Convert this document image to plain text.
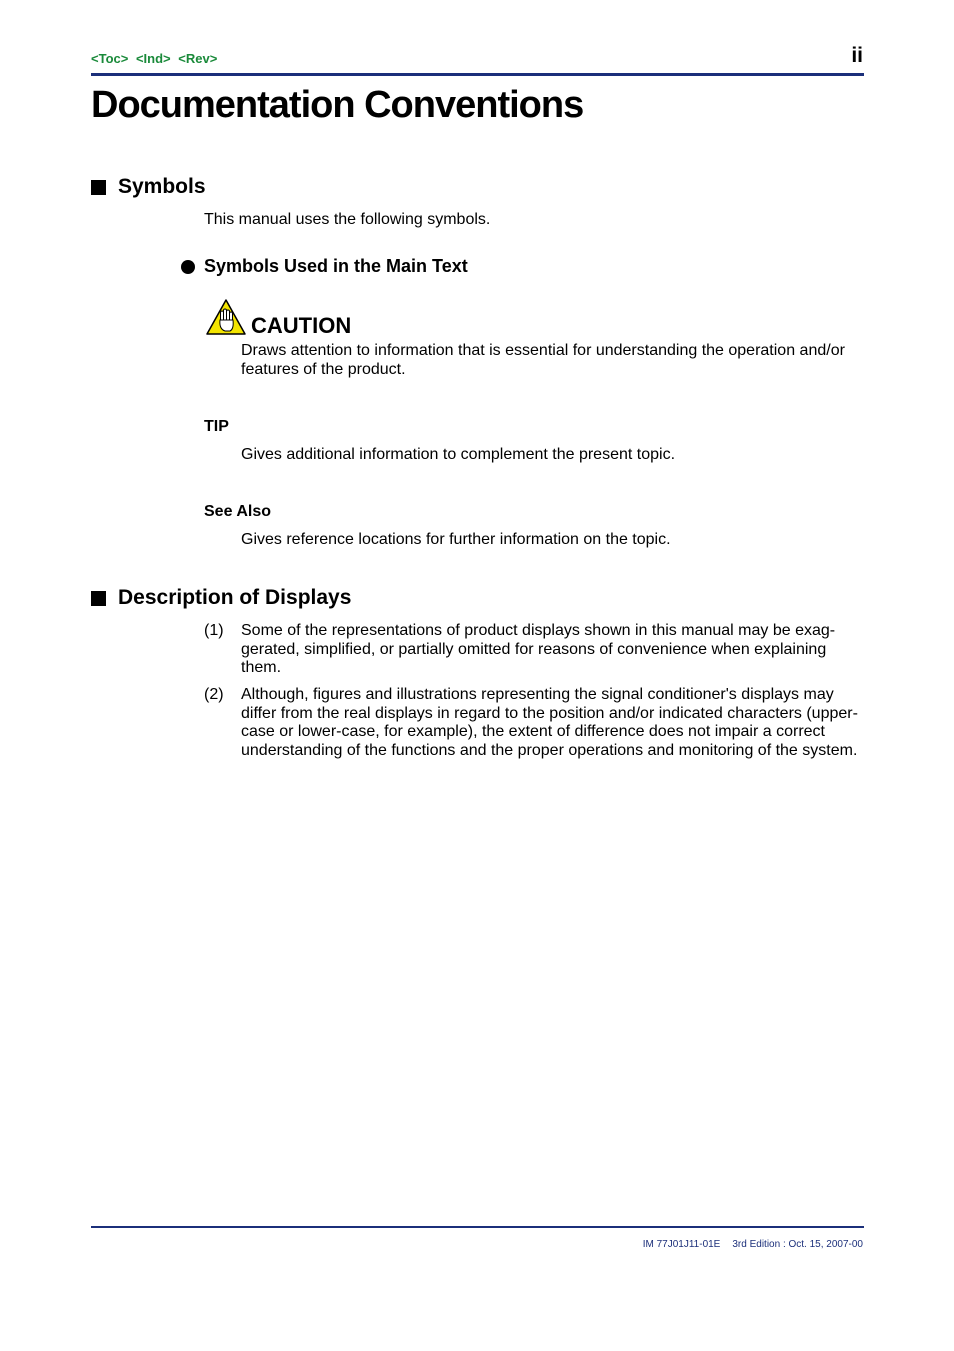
<Toc> <Ind> <Rev>	ii
Documentation Conventions
Symbols
This manual uses the following symbols.
Symbols Used in the Main Text
CAUTION
Draws attention to information that is essential for understanding the operation and/or features of the product.
TIP
Gives additional information to complement the present topic.
See Also
Gives reference locations for further information on the topic.
Description of Displays
(1)	Some of the representations of product displays shown in this manual may be exag-gerated, simplified, or partially omitted for reasons of convenience when explaining them.
(2)	Although, figures and illustrations representing the signal conditioner's displays may differ from the real displays in regard to the position and/or indicated characters (upper-case or lower-case, for example), the extent of difference does not impair a correct understanding of the functions and the proper operations and monitoring of the system.
IM 77J01J11-01E 3rd Edition : Oct. 15, 2007-00
